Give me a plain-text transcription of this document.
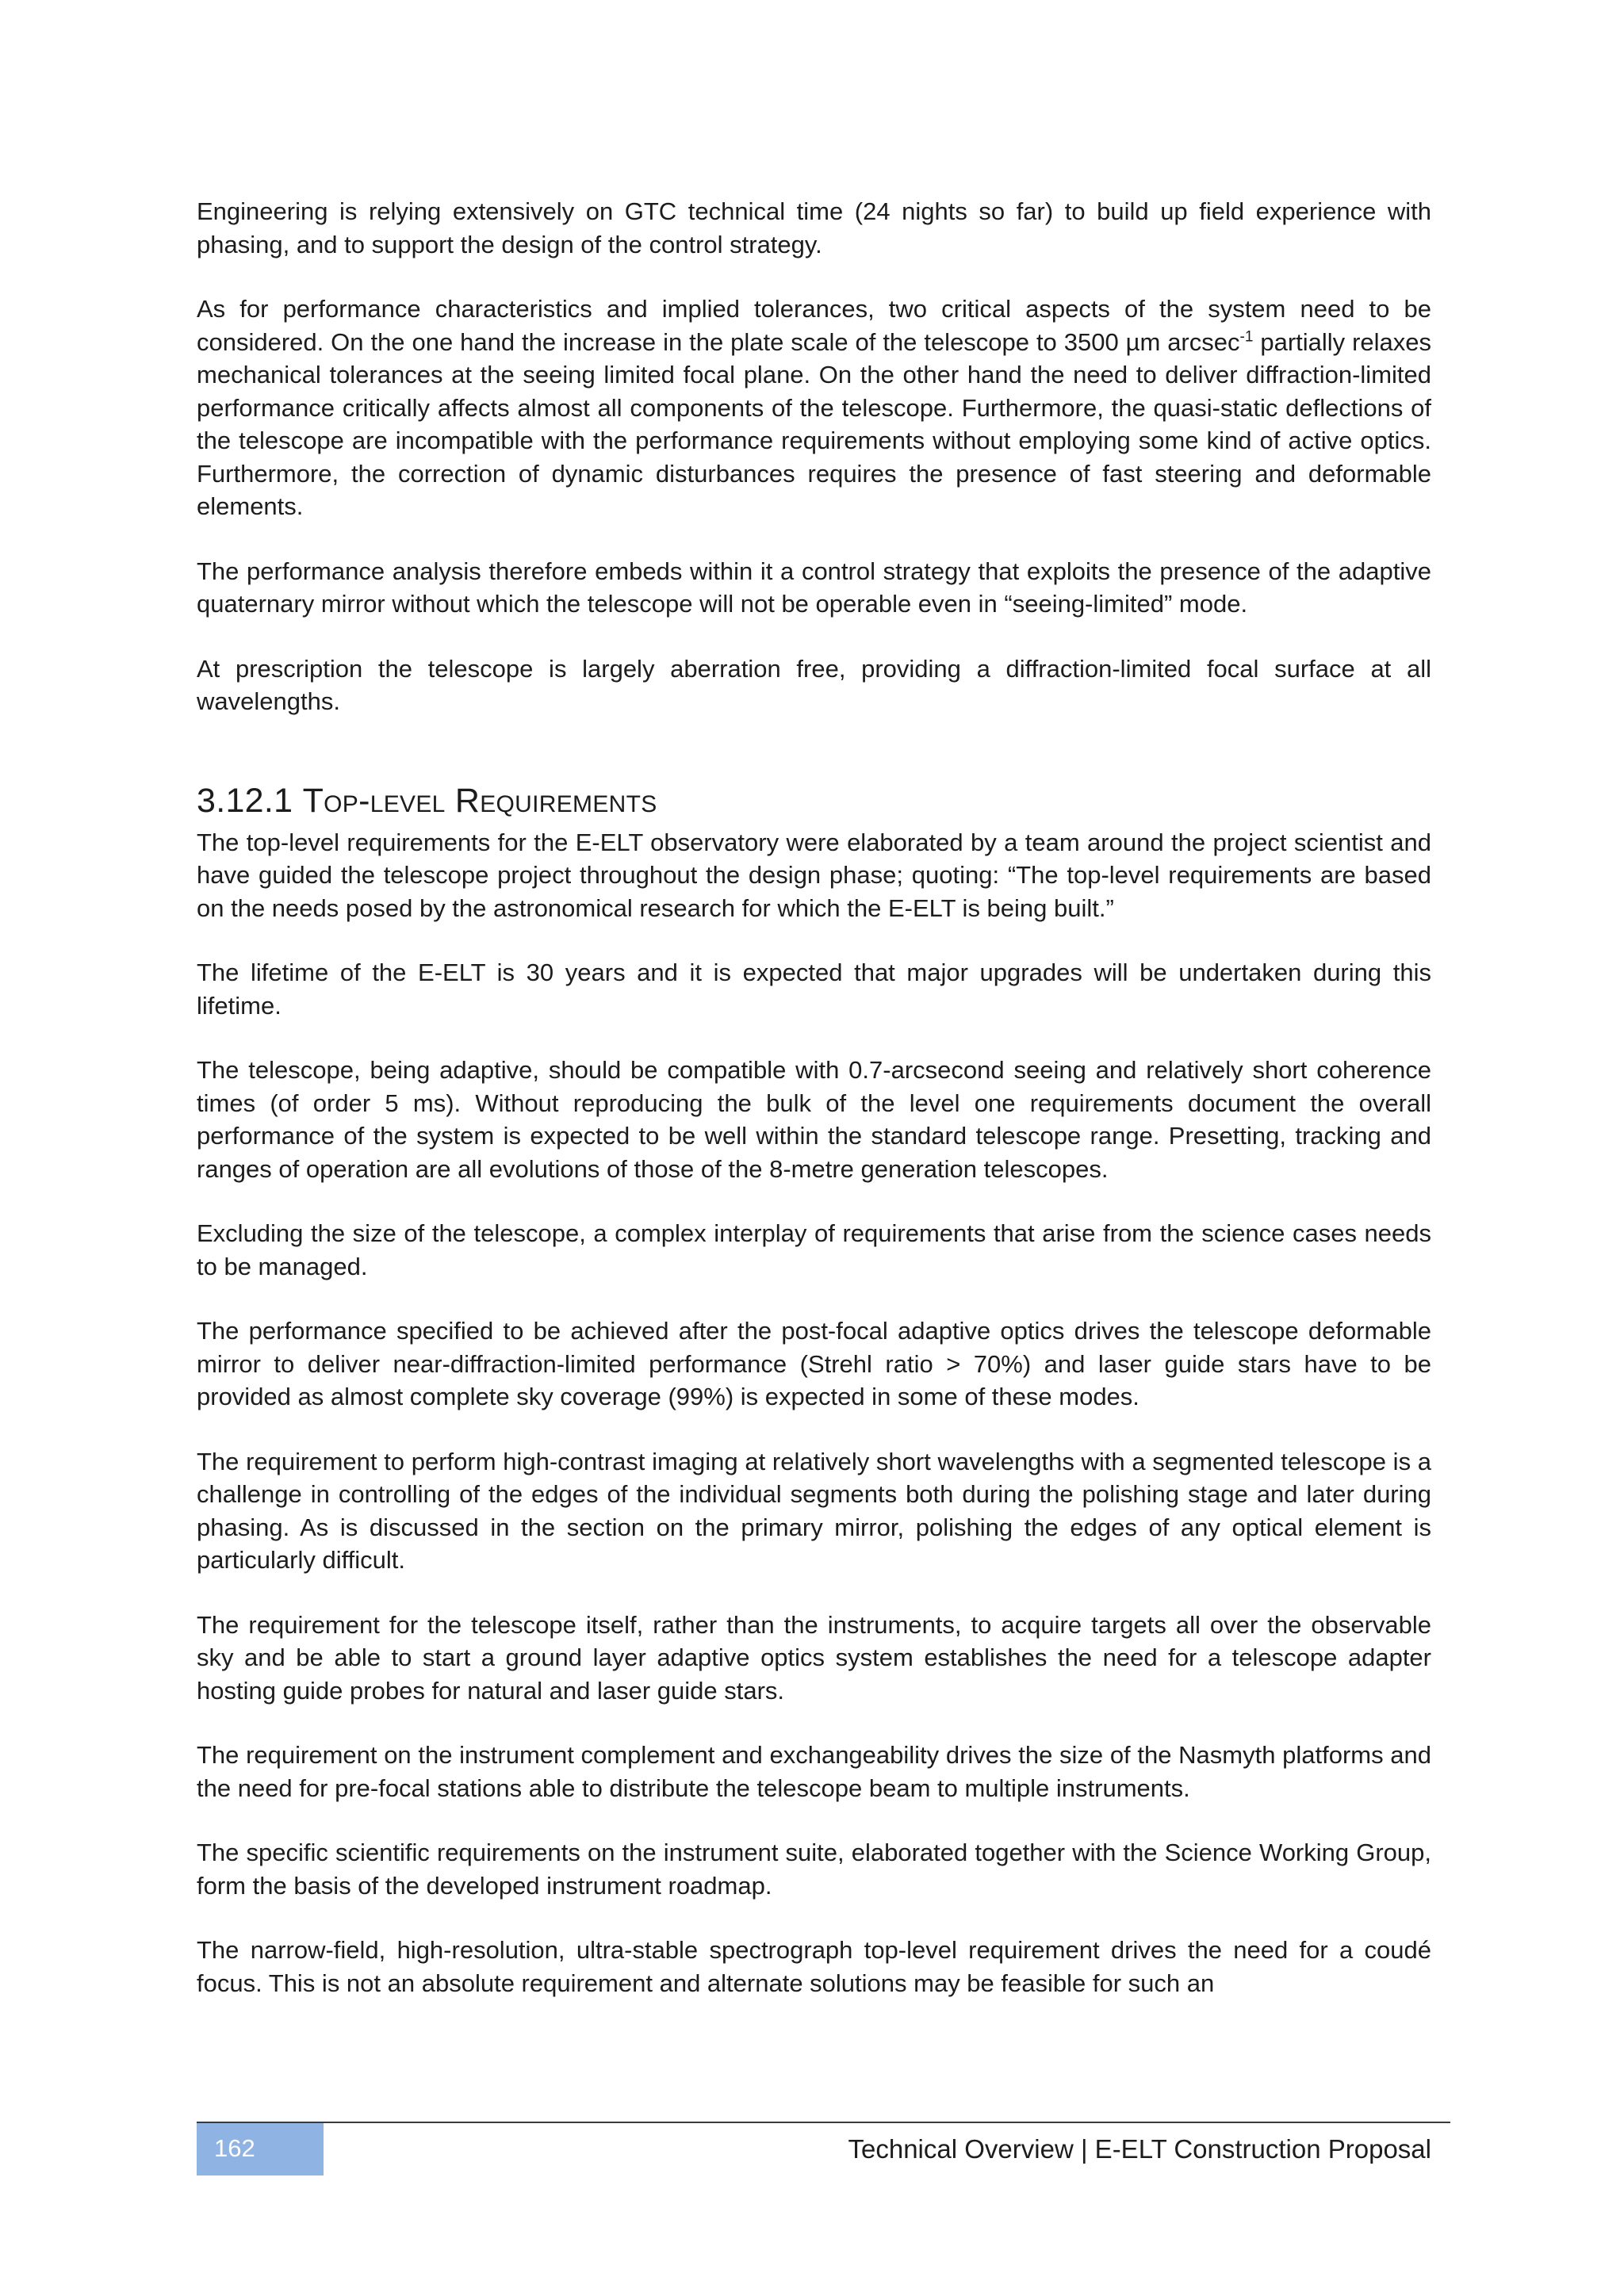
Engineering is relying extensively on GTC technical time (24 nights so far) to build up field experience with phasing, and to support the design of the control strategy.

As for performance characteristics and implied tolerances, two critical aspects of the system need to be considered. On the one hand the increase in the plate scale of the telescope to 3500 µm arcsec$^{-1}$ partially relaxes mechanical tolerances at the seeing limited focal plane. On the other hand the need to deliver diffraction-limited performance critically affects almost all components of the telescope. Furthermore, the quasi-static deflections of the telescope are incompatible with the performance requirements without employing some kind of active optics. Furthermore, the correction of dynamic disturbances requires the presence of fast steering and deformable elements.

The performance analysis therefore embeds within it a control strategy that exploits the presence of the adaptive quaternary mirror without which the telescope will not be operable even in “seeing-limited” mode.

At prescription the telescope is largely aberration free, providing a diffraction-limited focal surface at all wavelengths.

3.12.1 Top-level Requirements

The top-level requirements for the E-ELT observatory were elaborated by a team around the project scientist and have guided the telescope project throughout the design phase; quoting: “The top-level requirements are based on the needs posed by the astronomical research for which the E-ELT is being built.”

The lifetime of the E-ELT is 30 years and it is expected that major upgrades will be undertaken during this lifetime.

The telescope, being adaptive, should be compatible with 0.7-arcsecond seeing and relatively short coherence times (of order 5 ms). Without reproducing the bulk of the level one requirements document the overall performance of the system is expected to be well within the standard telescope range. Presetting, tracking and ranges of operation are all evolutions of those of the 8-metre generation telescopes.

Excluding the size of the telescope, a complex interplay of requirements that arise from the science cases needs to be managed.

The performance specified to be achieved after the post-focal adaptive optics drives the telescope deformable mirror to deliver near-diffraction-limited performance (Strehl ratio > 70%) and laser guide stars have to be provided as almost complete sky coverage (99%) is expected in some of these modes.

The requirement to perform high-contrast imaging at relatively short wavelengths with a segmented telescope is a challenge in controlling of the edges of the individual segments both during the polishing stage and later during phasing. As is discussed in the section on the primary mirror, polishing the edges of any optical element is particularly difficult.

The requirement for the telescope itself, rather than the instruments, to acquire targets all over the observable sky and be able to start a ground layer adaptive optics system establishes the need for a telescope adapter hosting guide probes for natural and laser guide stars.

The requirement on the instrument complement and exchangeability drives the size of the Nasmyth platforms and the need for pre-focal stations able to distribute the telescope beam to multiple instruments.

The specific scientific requirements on the instrument suite, elaborated together with the Science Working Group, form the basis of the developed instrument roadmap.

The narrow-field, high-resolution, ultra-stable spectrograph top-level requirement drives the need for a coudé focus. This is not an absolute requirement and alternate solutions may be feasible for such an

162	Technical Overview | E-ELT Construction Proposal
